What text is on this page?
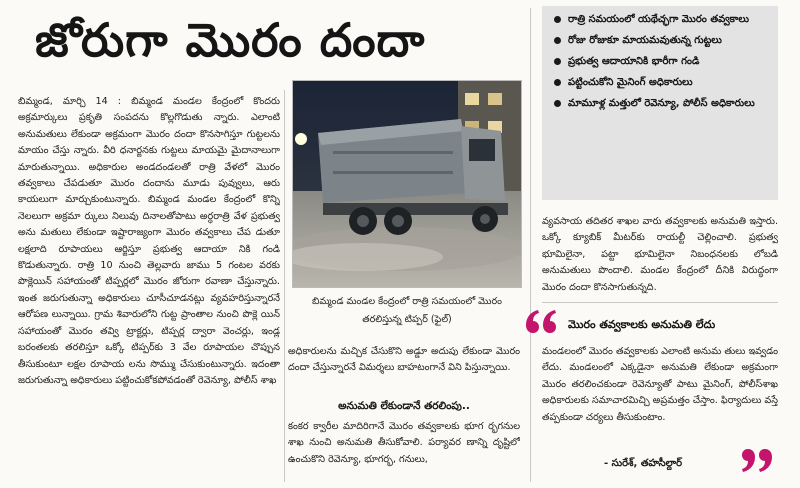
జోరుగా మొరం దందా

బిమ్మండ, మార్చి 14 : బిమ్మండ మండల కేంద్రంలో కొందరు అక్రమార్కులు ప్రకృతి సంపదను కొల్లగొడుతు న్నారు. ఎలాంటి అనుమతులు లేకుండా అక్రమంగా మొరం దందా కొనసాగిస్తూ గుట్టలను మాయం చేస్తు న్నారు. వీరి ధనార్జనకు గుట్టలు మాయమై మైదానాలుగా మారుతున్నాయి. అధికారుల అండదండలతో రాత్రి వేళలో మొరం తవ్వకాలు చేపడుతూ మొరం దందాను మూడు పువ్వులు, ఆరు కాయలుగా మార్చుకుంటున్నారు. బిమ్మండ మండల కేంద్రంలో కొన్ని నెలలుగా అక్రమా ర్కులు నిలువు దినాలతోపాటు అర్ధరాత్రి వేళ ప్రభుత్వ అను మతులు లేకుండా ఇష్టారాజ్యంగా మొరం తవ్వకాలు చేప డుతూ లక్షలాది రూపాయలు ఆర్జిస్తూ ప్రభుత్వ ఆదాయా నికి గండి కొడుతున్నారు. రాత్రి 10 నుంచి తెల్లవారు జాము 5 గంటల వరకు పొక్లెయిన్ సహాయంతో టిప్పర్లలో మొరం జోరుగా రవాణా చేస్తున్నారు. ఇంత జరుగుతున్నా అధికారులు చూసీచూడనట్లు వ్యవహరిస్తున్నారనే ఆరోపణ లున్నాయి. గ్రామ శివారులోని గుట్ట ప్రాంతాల నుంచి పొక్లె యిన్ సహాయంతో మొరం తవ్వి ట్రాక్టర్లు, టిప్పర్ల ద్వారా వెంచర్లు, ఇండ్ల బరంతలకు తరలిస్తూ ఒక్కో టిప్పర్‌కు 3 వేల రూపాయల చొప్పున తీసుకుంటూ లక్షల రూపాయ లను సొమ్ము చేసుకుంటున్నారు. ఇదంతా జరుగుతున్నా అధికారులు పట్టించుకోకపోవడంతో రెవెన్యూ, పోలీస్ శాఖ

బిమ్మండ మండల కేంద్రంలో రాత్రి సమయంలో మొరం తరలిస్తున్న టిప్పర్ (ఫైల్)

అధికారులను మచ్చిక చేసుకొని అడ్డూ అదుపు లేకుండా మొరం దందా చేస్తున్నారనే విమర్శలు బాహటంగానే విని పిస్తున్నాయి.

అనుమతి లేకుండానే తరలింపు..

కంకర క్వారీల మాదిరిగానే మొరం తవ్వకాలకు భూగ ర్భగనుల శాఖ నుంచి అనుమతి తీసుకోవాలి. పర్యావర ణాన్ని దృష్టిలో ఉంచుకొని రెవెన్యూ, భూగర్భ, గనులు,

రాత్రి సమయంలో యథేచ్ఛగా మొరం తవ్వకాలు
రోజు రోజుకూ మాయమవుతున్న గుట్టలు
ప్రభుత్వ ఆదాయానికి భారీగా గండి
పట్టించుకోని మైనింగ్ అధికారులు
మామూళ్ల మత్తులో రెవెన్యూ, పోలీస్ అధికారులు

వ్యవసాయ తదితర శాఖల వారు తవ్వకాలకు అనుమతి ఇస్తారు. ఒక్కో క్యూబిక్ మీటర్‌కు రాయల్టీ చెల్లించాలి. ప్రభుత్వ భూమిలైనా, పట్టా భూమిలైనా నిబంధనలకు లోబడి అనుమతులు పొందాలి. మండల కేంద్రంలో దీనికి విరుద్ధంగా మొరం దందా కొనసాగుతున్నది.

మొరం తవ్వకాలకు అనుమతి లేదు

మండలంలో మొరం తవ్వకాలకు ఎలాంటి అనుమ తులు ఇవ్వడం లేదు. మండలంలో ఎక్కడైనా అనుమతి లేకుండా అక్రమంగా మొరం తరలించకుండా రెవెన్యూతో పాటు మైనింగ్, పోలీస్‌శాఖ అధికారులకు సమాచారమిచ్చి అప్రమత్తం చేస్తాం. ఫిర్యాదులు వస్తే తప్పకుండా చర్యలు తీసుకుంటాం.

- సురేశ్, తహసీల్దార్
